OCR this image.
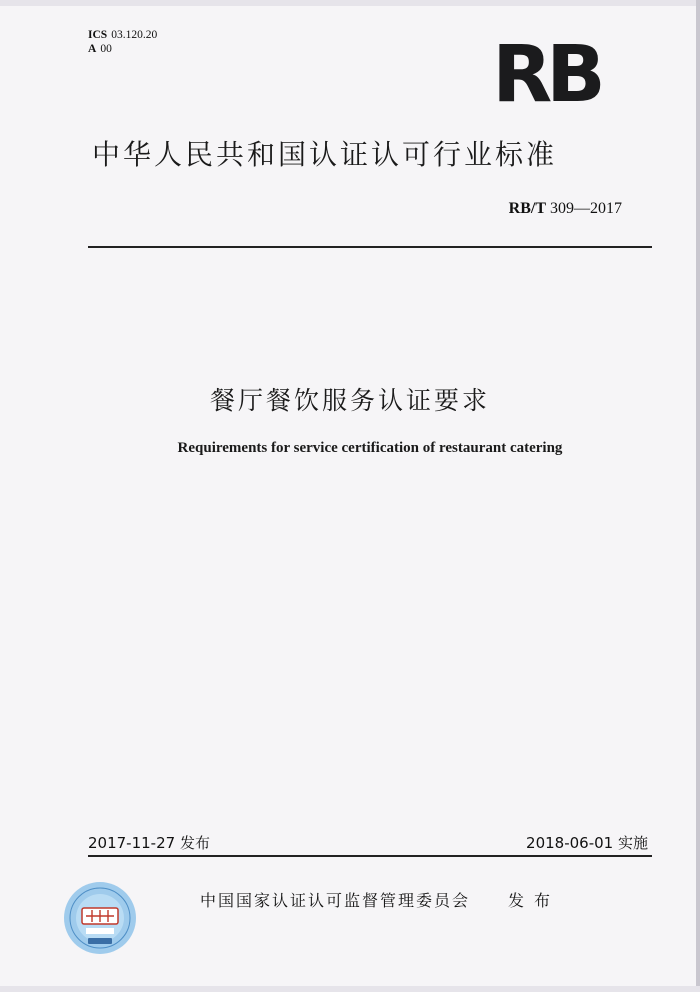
ICS 03.120.20
A 00	RB
中华人民共和国认证认可行业标准
RB/T 309—2017
餐厅餐饮服务认证要求
Requirements for service certification of restaurant catering
2017-11-27 发布	2018-06-01 实施
中国国家认证认可监督管理委员会 发布
